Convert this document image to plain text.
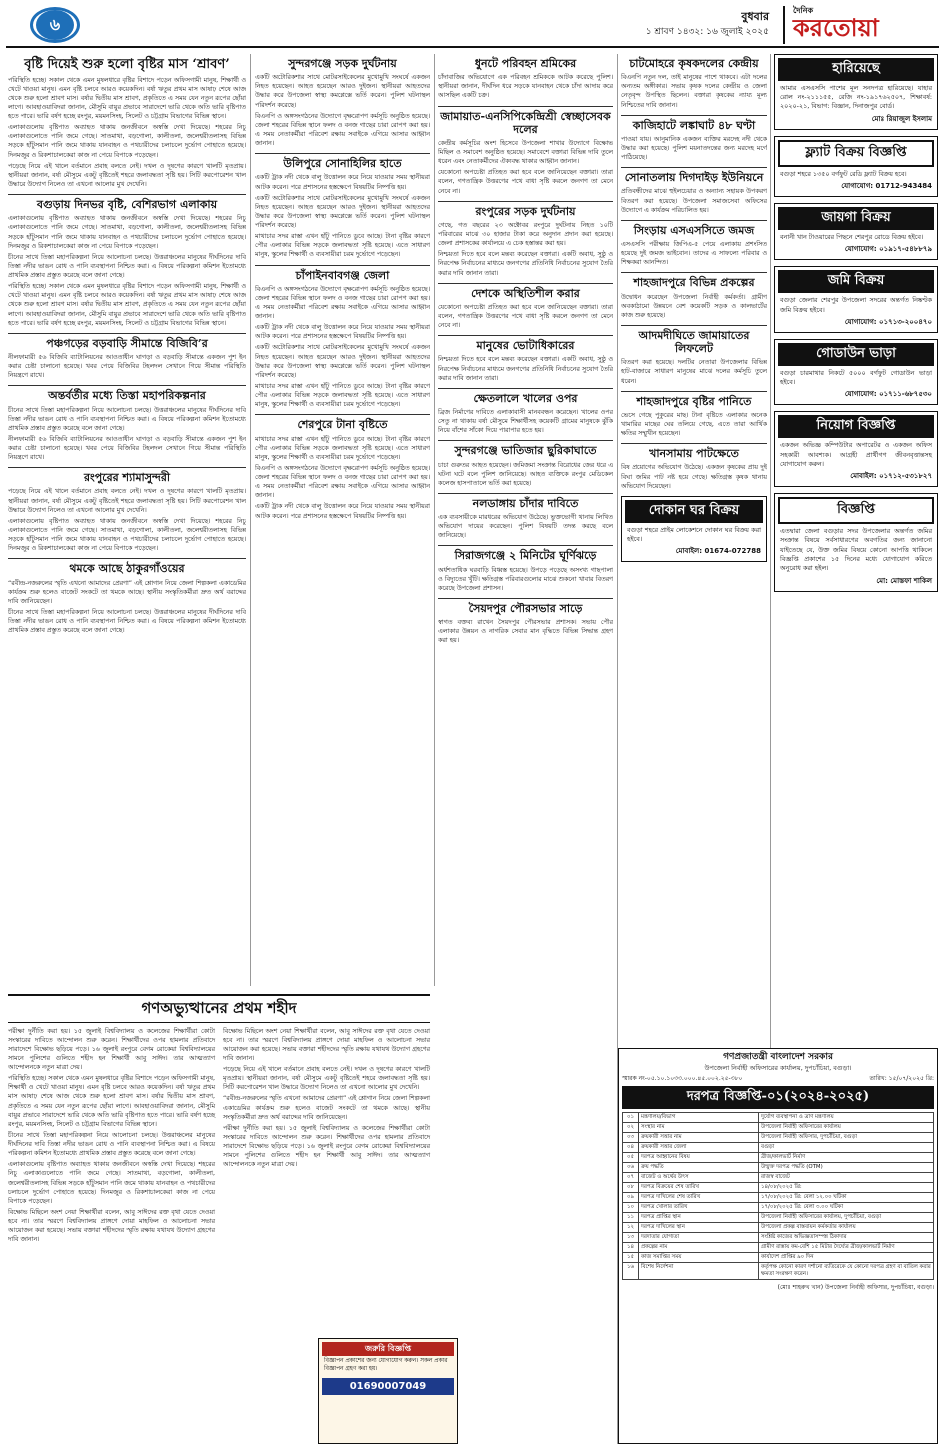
৬	বুধবার
১ শ্রাবণ ১৪৩২: ১৬ জুলাই ২০২৫
দৈনিক
করতোয়া
বৃষ্টি দিয়েই শুরু হলো বৃষ্টির মাস ‘শ্রাবণ’

পরিস্থিতি হচ্ছে। সকাল থেকে এমন মুষলধারে বৃষ্টির বিশাদে পড়েন অফিসগামী মানুষ, শিক্ষার্থী ও খেটে খাওয়া মানুষ। এমন বৃষ্টি চলবে আরও কয়েকদিন। বর্ষা ঋতুর প্রথম মাস আষাঢ় শেষে আজ থেকে শুরু হলো শ্রাবণ মাস। বর্ষার দ্বিতীয় মাস শ্রাবণ, প্রকৃতিতে এ সময় যেন নতুন রূপের ছোঁয়া লাগে। আবহাওয়াবিদরা জানান, মৌসুমি বায়ুর প্রভাবে সারাদেশে ভারি থেকে অতি ভারি বৃষ্টিপাত হতে পারে। ভারি বর্ষণ হচ্ছে রংপুর, ময়মনসিংহ, সিলেট ও চট্টগ্রাম বিভাগের বিভিন্ন স্থানে।

এলাকাগুলোয় বৃষ্টিপাত অব্যাহত থাকায় জনজীবনে অস্বস্তি দেখা দিয়েছে। শহরের নিচু এলাকাগুলোতে পানি জমে গেছে। সাতমাথা, বড়গোলা, কালীতলা, জলেশ্বরীতলাসহ বিভিন্ন সড়কে হাঁটুসমান পানি জমে থাকায় যানবাহন ও পথচারীদের চলাচলে দুর্ভোগ পোহাতে হয়েছে। দিনমজুর ও রিকশাচালকেরা কাজ না পেয়ে বিপাকে পড়েছেন।

পড়েছে নিয়ে এই খালে বর্তমানে প্রবাহ বলতে নেই। দখল ও দূষণের কারণে খালটি মৃতপ্রায়। স্থানীয়রা জানান, বর্ষা মৌসুমে একটু বৃষ্টিতেই শহরে জলাবদ্ধতা সৃষ্টি হয়। সিটি করপোরেশন খাল উদ্ধারে উদ্যোগ নিলেও তা এখনো আলোর মুখ দেখেনি।

বগুড়ায় দিনভর বৃষ্টি, বেশিরভাগ এলাকায়

এলাকাগুলোয় বৃষ্টিপাত অব্যাহত থাকায় জনজীবনে অস্বস্তি দেখা দিয়েছে। শহরের নিচু এলাকাগুলোতে পানি জমে গেছে। সাতমাথা, বড়গোলা, কালীতলা, জলেশ্বরীতলাসহ বিভিন্ন সড়কে হাঁটুসমান পানি জমে থাকায় যানবাহন ও পথচারীদের চলাচলে দুর্ভোগ পোহাতে হয়েছে। দিনমজুর ও রিকশাচালকেরা কাজ না পেয়ে বিপাকে পড়েছেন।

চীনের সাথে তিস্তা মহাপরিকল্পনা নিয়ে আলোচনা চলছে। উত্তরাঞ্চলের মানুষের দীর্ঘদিনের দাবি তিস্তা নদীর ভাঙন রোধ ও পানি ব্যবস্থাপনা নিশ্চিত করা। এ বিষয়ে পরিকল্পনা কমিশন ইতোমধ্যে প্রাথমিক প্রস্তাব প্রস্তুত করেছে বলে জানা গেছে।

পরিস্থিতি হচ্ছে। সকাল থেকে এমন মুষলধারে বৃষ্টির বিশাদে পড়েন অফিসগামী মানুষ, শিক্ষার্থী ও খেটে খাওয়া মানুষ। এমন বৃষ্টি চলবে আরও কয়েকদিন। বর্ষা ঋতুর প্রথম মাস আষাঢ় শেষে আজ থেকে শুরু হলো শ্রাবণ মাস। বর্ষার দ্বিতীয় মাস শ্রাবণ, প্রকৃতিতে এ সময় যেন নতুন রূপের ছোঁয়া লাগে। আবহাওয়াবিদরা জানান, মৌসুমি বায়ুর প্রভাবে সারাদেশে ভারি থেকে অতি ভারি বৃষ্টিপাত হতে পারে। ভারি বর্ষণ হচ্ছে রংপুর, ময়মনসিংহ, সিলেট ও চট্টগ্রাম বিভাগের বিভিন্ন স্থানে।

পঞ্চগড়ের বড়বাড়ি সীমান্তে বিজিবি’র

নীলফামারী ৫৬ বিজিবি ব্যাটালিয়নের আওতাধীন ঘাগড়া ও বড়বাড়ি সীমান্তে একজন পুশ ইন করার চেষ্টা চালানো হয়েছে। খবর পেয়ে বিজিবির টহলদল সেখানে গিয়ে সীমান্ত পরিস্থিতি নিয়ন্ত্রণে রাখে।

অন্তর্বর্তীর মধ্যে তিস্তা মহাপরিকল্পনার

চীনের সাথে তিস্তা মহাপরিকল্পনা নিয়ে আলোচনা চলছে। উত্তরাঞ্চলের মানুষের দীর্ঘদিনের দাবি তিস্তা নদীর ভাঙন রোধ ও পানি ব্যবস্থাপনা নিশ্চিত করা। এ বিষয়ে পরিকল্পনা কমিশন ইতোমধ্যে প্রাথমিক প্রস্তাব প্রস্তুত করেছে বলে জানা গেছে।

নীলফামারী ৫৬ বিজিবি ব্যাটালিয়নের আওতাধীন ঘাগড়া ও বড়বাড়ি সীমান্তে একজন পুশ ইন করার চেষ্টা চালানো হয়েছে। খবর পেয়ে বিজিবির টহলদল সেখানে গিয়ে সীমান্ত পরিস্থিতি নিয়ন্ত্রণে রাখে।

রংপুরের শ্যামাসুন্দরী

পড়েছে নিয়ে এই খালে বর্তমানে প্রবাহ বলতে নেই। দখল ও দূষণের কারণে খালটি মৃতপ্রায়। স্থানীয়রা জানান, বর্ষা মৌসুমে একটু বৃষ্টিতেই শহরে জলাবদ্ধতা সৃষ্টি হয়। সিটি করপোরেশন খাল উদ্ধারে উদ্যোগ নিলেও তা এখনো আলোর মুখ দেখেনি।

এলাকাগুলোয় বৃষ্টিপাত অব্যাহত থাকায় জনজীবনে অস্বস্তি দেখা দিয়েছে। শহরের নিচু এলাকাগুলোতে পানি জমে গেছে। সাতমাথা, বড়গোলা, কালীতলা, জলেশ্বরীতলাসহ বিভিন্ন সড়কে হাঁটুসমান পানি জমে থাকায় যানবাহন ও পথচারীদের চলাচলে দুর্ভোগ পোহাতে হয়েছে। দিনমজুর ও রিকশাচালকেরা কাজ না পেয়ে বিপাকে পড়েছেন।

থমকে আছে ঠাকুরগাঁওয়ের

“রবীন্দ্র-নজরুলের স্মৃতি এখনো আমাদের প্রেরণা” এই শ্লোগান নিয়ে জেলা শিল্পকলা একাডেমির কার্যক্রম শুরু হলেও বাজেট সংকটে তা থমকে আছে। স্থানীয় সংস্কৃতিকর্মীরা দ্রুত অর্থ বরাদ্দের দাবি জানিয়েছেন।

চীনের সাথে তিস্তা মহাপরিকল্পনা নিয়ে আলোচনা চলছে। উত্তরাঞ্চলের মানুষের দীর্ঘদিনের দাবি তিস্তা নদীর ভাঙন রোধ ও পানি ব্যবস্থাপনা নিশ্চিত করা। এ বিষয়ে পরিকল্পনা কমিশন ইতোমধ্যে প্রাথমিক প্রস্তাব প্রস্তুত করেছে বলে জানা গেছে।

সুন্দরগঞ্জে সড়ক দুর্ঘটনায়

একটি অটোরিকশার সাথে মোটরসাইকেলের মুখোমুখি সংঘর্ষে একজন নিহত হয়েছেন। আহত হয়েছেন আরও দুইজন। স্থানীয়রা আহতদের উদ্ধার করে উপজেলা স্বাস্থ্য কমপ্লেক্সে ভর্তি করেন। পুলিশ ঘটনাস্থল পরিদর্শন করেছে।

বিএনপি ও অঙ্গসংগঠনের উদ্যোগে বৃক্ষরোপণ কর্মসূচি অনুষ্ঠিত হয়েছে। জেলা শহরের বিভিন্ন স্থানে ফলদ ও বনজ গাছের চারা রোপণ করা হয়। এ সময় নেতাকর্মীরা পরিবেশ রক্ষায় সবাইকে এগিয়ে আসার আহ্বান জানান।

উলিপুরে সোনাহিলির হাতে

একটি ট্রাক নদী থেকে বালু উত্তোলন করে নিয়ে যাওয়ার সময় স্থানীয়রা আটক করেন। পরে প্রশাসনের হস্তক্ষেপে বিষয়টির নিষ্পত্তি হয়।

একটি অটোরিকশার সাথে মোটরসাইকেলের মুখোমুখি সংঘর্ষে একজন নিহত হয়েছেন। আহত হয়েছেন আরও দুইজন। স্থানীয়রা আহতদের উদ্ধার করে উপজেলা স্বাস্থ্য কমপ্লেক্সে ভর্তি করেন। পুলিশ ঘটনাস্থল পরিদর্শন করেছে।

মাথাচার সদর রাস্তা এখন হাঁটু পানিতে ডুবে আছে। টানা বৃষ্টির কারণে পৌর এলাকার বিভিন্ন সড়কে জলাবদ্ধতা সৃষ্টি হয়েছে। এতে সাধারণ মানুষ, স্কুলের শিক্ষার্থী ও ব্যবসায়ীরা চরম দুর্ভোগে পড়েছেন।

চাঁপাইনবাবগঞ্জ জেলা

বিএনপি ও অঙ্গসংগঠনের উদ্যোগে বৃক্ষরোপণ কর্মসূচি অনুষ্ঠিত হয়েছে। জেলা শহরের বিভিন্ন স্থানে ফলদ ও বনজ গাছের চারা রোপণ করা হয়। এ সময় নেতাকর্মীরা পরিবেশ রক্ষায় সবাইকে এগিয়ে আসার আহ্বান জানান।

একটি ট্রাক নদী থেকে বালু উত্তোলন করে নিয়ে যাওয়ার সময় স্থানীয়রা আটক করেন। পরে প্রশাসনের হস্তক্ষেপে বিষয়টির নিষ্পত্তি হয়।

একটি অটোরিকশার সাথে মোটরসাইকেলের মুখোমুখি সংঘর্ষে একজন নিহত হয়েছেন। আহত হয়েছেন আরও দুইজন। স্থানীয়রা আহতদের উদ্ধার করে উপজেলা স্বাস্থ্য কমপ্লেক্সে ভর্তি করেন। পুলিশ ঘটনাস্থল পরিদর্শন করেছে।

মাথাচার সদর রাস্তা এখন হাঁটু পানিতে ডুবে আছে। টানা বৃষ্টির কারণে পৌর এলাকার বিভিন্ন সড়কে জলাবদ্ধতা সৃষ্টি হয়েছে। এতে সাধারণ মানুষ, স্কুলের শিক্ষার্থী ও ব্যবসায়ীরা চরম দুর্ভোগে পড়েছেন।

শেরপুরে টানা বৃষ্টিতে

মাথাচার সদর রাস্তা এখন হাঁটু পানিতে ডুবে আছে। টানা বৃষ্টির কারণে পৌর এলাকার বিভিন্ন সড়কে জলাবদ্ধতা সৃষ্টি হয়েছে। এতে সাধারণ মানুষ, স্কুলের শিক্ষার্থী ও ব্যবসায়ীরা চরম দুর্ভোগে পড়েছেন।

বিএনপি ও অঙ্গসংগঠনের উদ্যোগে বৃক্ষরোপণ কর্মসূচি অনুষ্ঠিত হয়েছে। জেলা শহরের বিভিন্ন স্থানে ফলদ ও বনজ গাছের চারা রোপণ করা হয়। এ সময় নেতাকর্মীরা পরিবেশ রক্ষায় সবাইকে এগিয়ে আসার আহ্বান জানান।

একটি ট্রাক নদী থেকে বালু উত্তোলন করে নিয়ে যাওয়ার সময় স্থানীয়রা আটক করেন। পরে প্রশাসনের হস্তক্ষেপে বিষয়টির নিষ্পত্তি হয়।

ধুনটে পরিবহন শ্রমিকের

চাঁদাবাজির অভিযোগে এক পরিবহন শ্রমিককে আটক করেছে পুলিশ। স্থানীয়রা জানান, দীর্ঘদিন ধরে সড়কে যানবাহন থেকে চাঁদা আদায় করে আসছিল একটি চক্র।

জামায়াত-এনসিপিকেন্দ্রিশ্রী স্বেচ্ছাসেবক দলের

কেন্দ্রীয় কর্মসূচির অংশ হিসেবে উপজেলা শাখার উদ্যোগে বিক্ষোভ মিছিল ও সমাবেশ অনুষ্ঠিত হয়েছে। সমাবেশে বক্তারা বিভিন্ন দাবি তুলে ধরেন এবং নেতাকর্মীদের ঐক্যবদ্ধ থাকার আহ্বান জানান।

যেকোনো অপচেষ্টা প্রতিহত করা হবে বলে জানিয়েছেন বক্তারা। তারা বলেন, গণতান্ত্রিক উত্তরণের পথে বাধা সৃষ্টি করলে জনগণ তা মেনে নেবে না।

রংপুরের সড়ক দুর্ঘটনায়

গেছে, গত বছরের ২৩ অক্টোবর রংপুরে দুর্ঘটনায় নিহত ১০টি পরিবারের মাঝে ৩০ হাজার টাকা করে অনুদান প্রদান করা হয়েছে। জেলা প্রশাসকের কার্যালয়ে এ চেক হস্তান্তর করা হয়।

নিশ্চয়তা দিতে হবে বলে মন্তব্য করেছেন বক্তারা। একটি অবাধ, সুষ্ঠু ও নিরপেক্ষ নির্বাচনের মাধ্যমে জনগণের প্রতিনিধি নির্বাচনের সুযোগ তৈরি করার দাবি জানান তারা।

দেশকে অস্থিতিশীল করার

যেকোনো অপচেষ্টা প্রতিহত করা হবে বলে জানিয়েছেন বক্তারা। তারা বলেন, গণতান্ত্রিক উত্তরণের পথে বাধা সৃষ্টি করলে জনগণ তা মেনে নেবে না।

মানুষের ভোটাধিকারের

নিশ্চয়তা দিতে হবে বলে মন্তব্য করেছেন বক্তারা। একটি অবাধ, সুষ্ঠু ও নিরপেক্ষ নির্বাচনের মাধ্যমে জনগণের প্রতিনিধি নির্বাচনের সুযোগ তৈরি করার দাবি জানান তারা।

ক্ষেতলালে খালের ওপর

ব্রিজ নির্মাণের দাবিতে এলাকাবাসী মানববন্ধন করেছেন। খালের ওপর সেতু না থাকায় বর্ষা মৌসুমে শিক্ষার্থীসহ কয়েকটি গ্রামের মানুষকে ঝুঁকি নিয়ে বাঁশের সাঁকো দিয়ে পারাপার হতে হয়।

সুন্দরগঞ্জে ভাতিজার ছুরিকাঘাতে

চাচা গুরুতর আহত হয়েছেন। জমিজমা সংক্রান্ত বিরোধের জের ধরে এ ঘটনা ঘটে বলে পুলিশ জানিয়েছে। আহত ব্যক্তিকে রংপুর মেডিকেল কলেজ হাসপাতালে ভর্তি করা হয়েছে।

নলডাঙ্গায় চাঁদার দাবিতে

এক ব্যবসায়ীকে মারধরের অভিযোগ উঠেছে। ভুক্তভোগী থানায় লিখিত অভিযোগ দায়ের করেছেন। পুলিশ বিষয়টি তদন্ত করছে বলে জানিয়েছে।

সিরাজগঞ্জে ২ মিনিটের ঘূর্ণিঝড়ে

অর্ধশতাধিক ঘরবাড়ি বিধ্বস্ত হয়েছে। উপড়ে পড়েছে অসংখ্য গাছপালা ও বিদ্যুতের খুঁটি। ক্ষতিগ্রস্ত পরিবারগুলোর মাঝে শুকনো খাবার বিতরণ করেছে উপজেলা প্রশাসন।

সৈয়দপুর পৌরসভার সাড়ে

স্বাগত বক্তব্য রাখেন সৈয়দপুর পৌরসভার প্রশাসক। সভায় পৌর এলাকার উন্নয়ন ও নাগরিক সেবার মান বৃদ্ধিতে বিভিন্ন সিদ্ধান্ত গ্রহণ করা হয়।

চাটমোহরে কৃষকদলের কেন্দ্রীয়

বিএনপি নতুন দল, তাই মানুষের পাশে থাকবে। এটা দলের অন্যতম অঙ্গীকার। সভায় কৃষক দলের কেন্দ্রীয় ও জেলা নেতৃবৃন্দ উপস্থিত ছিলেন। বক্তারা কৃষকের ন্যায্য মূল্য নিশ্চিতের দাবি জানান।

কাজিহাটে লঙ্কাঘাট ৪৮ ঘণ্টা

পাওয়া যায়। আনুমানিক একজন ব্যক্তির মরদেহ নদী থেকে উদ্ধার করা হয়েছে। পুলিশ ময়নাতদন্তের জন্য মরদেহ মর্গে পাঠিয়েছে।

সোনাতলায় দিগদাইড় ইউনিয়নে

প্রতিবন্ধীদের মাঝে হুইলচেয়ার ও অন্যান্য সহায়ক উপকরণ বিতরণ করা হয়েছে। উপজেলা সমাজসেবা অফিসের উদ্যোগে এ কার্যক্রম পরিচালিত হয়।

সিংড়ায় এসএসসিতে জমজ

এসএসসি পরীক্ষায় জিপিএ-৫ পেয়ে এলাকায় প্রশংসিত হয়েছে দুই জমজ ভাইবোন। তাদের এ সাফল্যে পরিবার ও শিক্ষকরা আনন্দিত।

শাহজাদপুরে বিভিন্ন প্রকল্পের

উদ্বোধন করেছেন উপজেলা নির্বাহী কর্মকর্তা। গ্রামীণ অবকাঠামো উন্নয়নে বেশ কয়েকটি সড়ক ও কালভার্টের কাজ শুরু হয়েছে।

আদমদীঘিতে জামায়াতের লিফলেট

বিতরণ করা হয়েছে। দলটির নেতারা উপজেলার বিভিন্ন হাট-বাজারে সাধারণ মানুষের মাঝে দলের কর্মসূচি তুলে ধরেন।

শাহজাদপুরে বৃষ্টির পানিতে

ভেসে গেছে পুকুরের মাছ। টানা বৃষ্টিতে এলাকার অনেক খামারির মাছের ঘের তলিয়ে গেছে, এতে তারা আর্থিক ক্ষতির সম্মুখীন হয়েছেন।

খানসামায় পাটক্ষেতে

বিষ প্রয়োগের অভিযোগ উঠেছে। একজন কৃষকের প্রায় দুই বিঘা জমির পাট নষ্ট হয়ে গেছে। ক্ষতিগ্রস্ত কৃষক থানায় অভিযোগ দিয়েছেন।

দোকান ঘর বিক্রয়
বগুড়া শহরে প্রাইম লোকেশনে দোকান ঘর বিক্রয় করা হইবে।
মোবাইল: 01674-072788
হারিয়েছে
আমার এসএসসি পাশের মূল সনদপত্র হারিয়েছে। যাহার রোল নং-২১১১৫৫, রেজি নং-১৯১৭৬২৫০৭, শিক্ষাবর্ষ: ২০২০-২১, বিভাগ: বিজ্ঞান, দিনাজপুর বোর্ড।
মোঃ রিয়াজুল ইসলাম
ফ্ল্যাট বিক্রয় বিজ্ঞপ্তি
বগুড়া শহরে ১৩৫০ বর্গফুট রেডি ফ্ল্যাট বিক্রয় হবে।
যোগাযোগ: 01712-943484
জায়গা বিক্রয়
বনানী খান টাওয়ারের পিছনে শেরপুর রোডে বিক্রয় হইবে।
যোগাযোগ: ০১৯১৭-৫৪৮৮৭৯
জমি বিক্রয়
বগুড়া জেলার শেরপুর উপজেলা সদরের অন্তর্গত নিষ্কণ্টক জমি বিক্রয় হইবে।
যোগাযোগ: ০১৭১৩-২০০৪৭০
গোডাউন ভাড়া
বগুড়া চারমাথার নিকটে ৫০০০ বর্গফুট গোডাউন ভাড়া হইবে।
যোগাযোগ: ০১৭১১-৬৮৭৫৩০
নিয়োগ বিজ্ঞপ্তি
একজন অভিজ্ঞ কম্পিউটার অপারেটর ও একজন অফিস সহকারী আবশ্যক। আগ্রহী প্রার্থীগণ জীবনবৃত্তান্তসহ যোগাযোগ করুন।
মোবাইল: ০১৭১২-৫৩১৮২৭
বিজ্ঞপ্তি
এতদ্বারা জেলা বগুড়ার সদর উপজেলার অন্তর্গত জমির সংক্রান্ত বিষয়ে সর্বসাধারণের অবগতির জন্য জানানো যাইতেছে যে, উক্ত জমির বিষয়ে কোনো আপত্তি থাকিলে বিজ্ঞপ্তি প্রকাশের ১৫ দিনের মধ্যে যোগাযোগ করিতে অনুরোধ করা হইল।
মো: মোস্তফা শাকিল
গণঅভ্যুত্থানের প্রথম শহীদ

পরীক্ষা দুর্নীতি করা হয়। ১৫ জুলাই বিশ্ববিদ্যালয় ও কলেজের শিক্ষার্থীরা কোটা সংস্কারের দাবিতে আন্দোলন শুরু করেন। শিক্ষার্থীদের ওপর হামলার প্রতিবাদে সারাদেশে বিক্ষোভ ছড়িয়ে পড়ে। ১৬ জুলাই রংপুরে বেগম রোকেয়া বিশ্ববিদ্যালয়ের সামনে পুলিশের গুলিতে শহীদ হন শিক্ষার্থী আবু সাঈদ। তার আত্মত্যাগ আন্দোলনকে নতুন মাত্রা দেয়।

পরিস্থিতি হচ্ছে। সকাল থেকে এমন মুষলধারে বৃষ্টির বিশাদে পড়েন অফিসগামী মানুষ, শিক্ষার্থী ও খেটে খাওয়া মানুষ। এমন বৃষ্টি চলবে আরও কয়েকদিন। বর্ষা ঋতুর প্রথম মাস আষাঢ় শেষে আজ থেকে শুরু হলো শ্রাবণ মাস। বর্ষার দ্বিতীয় মাস শ্রাবণ, প্রকৃতিতে এ সময় যেন নতুন রূপের ছোঁয়া লাগে। আবহাওয়াবিদরা জানান, মৌসুমি বায়ুর প্রভাবে সারাদেশে ভারি থেকে অতি ভারি বৃষ্টিপাত হতে পারে। ভারি বর্ষণ হচ্ছে রংপুর, ময়মনসিংহ, সিলেট ও চট্টগ্রাম বিভাগের বিভিন্ন স্থানে।

চীনের সাথে তিস্তা মহাপরিকল্পনা নিয়ে আলোচনা চলছে। উত্তরাঞ্চলের মানুষের দীর্ঘদিনের দাবি তিস্তা নদীর ভাঙন রোধ ও পানি ব্যবস্থাপনা নিশ্চিত করা। এ বিষয়ে পরিকল্পনা কমিশন ইতোমধ্যে প্রাথমিক প্রস্তাব প্রস্তুত করেছে বলে জানা গেছে।

এলাকাগুলোয় বৃষ্টিপাত অব্যাহত থাকায় জনজীবনে অস্বস্তি দেখা দিয়েছে। শহরের নিচু এলাকাগুলোতে পানি জমে গেছে। সাতমাথা, বড়গোলা, কালীতলা, জলেশ্বরীতলাসহ বিভিন্ন সড়কে হাঁটুসমান পানি জমে থাকায় যানবাহন ও পথচারীদের চলাচলে দুর্ভোগ পোহাতে হয়েছে। দিনমজুর ও রিকশাচালকেরা কাজ না পেয়ে বিপাকে পড়েছেন।

বিক্ষোভ মিছিলে অংশ নেয়া শিক্ষার্থীরা বলেন, আবু সাঈদের রক্ত বৃথা যেতে দেওয়া হবে না। তার স্মরণে বিশ্ববিদ্যালয় প্রাঙ্গণে দোয়া মাহফিল ও আলোচনা সভার আয়োজন করা হয়েছে। সভায় বক্তারা শহীদদের স্মৃতি রক্ষায় যথাযথ উদ্যোগ গ্রহণের দাবি জানান।

বিক্ষোভ মিছিলে অংশ নেয়া শিক্ষার্থীরা বলেন, আবু সাঈদের রক্ত বৃথা যেতে দেওয়া হবে না। তার স্মরণে বিশ্ববিদ্যালয় প্রাঙ্গণে দোয়া মাহফিল ও আলোচনা সভার আয়োজন করা হয়েছে। সভায় বক্তারা শহীদদের স্মৃতি রক্ষায় যথাযথ উদ্যোগ গ্রহণের দাবি জানান।

পড়েছে নিয়ে এই খালে বর্তমানে প্রবাহ বলতে নেই। দখল ও দূষণের কারণে খালটি মৃতপ্রায়। স্থানীয়রা জানান, বর্ষা মৌসুমে একটু বৃষ্টিতেই শহরে জলাবদ্ধতা সৃষ্টি হয়। সিটি করপোরেশন খাল উদ্ধারে উদ্যোগ নিলেও তা এখনো আলোর মুখ দেখেনি।

“রবীন্দ্র-নজরুলের স্মৃতি এখনো আমাদের প্রেরণা” এই শ্লোগান নিয়ে জেলা শিল্পকলা একাডেমির কার্যক্রম শুরু হলেও বাজেট সংকটে তা থমকে আছে। স্থানীয় সংস্কৃতিকর্মীরা দ্রুত অর্থ বরাদ্দের দাবি জানিয়েছেন।

পরীক্ষা দুর্নীতি করা হয়। ১৫ জুলাই বিশ্ববিদ্যালয় ও কলেজের শিক্ষার্থীরা কোটা সংস্কারের দাবিতে আন্দোলন শুরু করেন। শিক্ষার্থীদের ওপর হামলার প্রতিবাদে সারাদেশে বিক্ষোভ ছড়িয়ে পড়ে। ১৬ জুলাই রংপুরে বেগম রোকেয়া বিশ্ববিদ্যালয়ের সামনে পুলিশের গুলিতে শহীদ হন শিক্ষার্থী আবু সাঈদ। তার আত্মত্যাগ আন্দোলনকে নতুন মাত্রা দেয়।

জরুরি বিজ্ঞপ্তি
বিজ্ঞাপন প্রকাশের জন্য যোগাযোগ করুন। সকল প্রকার বিজ্ঞাপন গ্রহণ করা হয়।
01690007049
গণপ্রজাতন্ত্রী বাংলাদেশ সরকার
উপজেলা নির্বাহী অফিসারের কার্যালয়, দুপচাঁচিয়া, বগুড়া।
স্মারক নং-০৫.১০.১০৩৩.০০০.৪৫.০০২.২৫-৩৮০	তারিখ: ১৫/০৭/২০২৫ খ্রি:
দরপত্র বিজ্ঞপ্তি-০১(২০২৪-২০২৫)
০১	মন্ত্রণালয়/বিভাগ	দুর্যোগ ব্যবস্থাপনা ও ত্রাণ মন্ত্রণালয়
০২	সংস্থার নাম	উপজেলা নির্বাহী অফিসারের কার্যালয়
০৩	ক্রয়কারী সত্তার নাম	উপজেলা নির্বাহী অফিসার, দুপচাঁচিয়া, বগুড়া
০৪	ক্রয়কারী সত্তার জেলা	বগুড়া
০৫	দরপত্র আহ্বানের বিষয়	ব্রীজ/কালভার্ট নির্মাণ
০৬	ক্রয় পদ্ধতি	উন্মুক্ত দরপত্র পদ্ধতি (OTM)
০৭	বাজেট ও অর্থের উৎস	রাজস্ব বাজেট
০৮	দরপত্র বিক্রয়ের শেষ তারিখ	১৪/০৮/২০২৫ খ্রি:
০৯	দরপত্র দাখিলের শেষ তারিখ	১৭/০৮/২০২৫ খ্রি: বেলা ১২.০০ ঘটিকা
১০	দরপত্র খোলার তারিখ	১৭/০৮/২০২৫ খ্রি: বেলা ৩.০০ ঘটিকা
১১	দরপত্র প্রাপ্তির স্থান	উপজেলা নির্বাহী অফিসারের কার্যালয়, দুপচাঁচিয়া, বগুড়া
১২	দরপত্র দাখিলের স্থান	উপজেলা প্রকল্প বাস্তবায়ন কর্মকর্তার কার্যালয়
১৩	দরদাতার যোগ্যতা	সংশ্লিষ্ট কাজের অভিজ্ঞতাসম্পন্ন ঠিকাদার
১৪	প্রকল্পের নাম	গ্রামীণ রাস্তায় কম-বেশি ১৫ মিটার দৈর্ঘ্যের ব্রীজ/কালভার্ট নির্মাণ
১৫	কাজ সমাপ্তির সময়	কার্যাদেশ প্রাপ্তির ৯০ দিন
১৬	বিশেষ নির্দেশনা	কর্তৃপক্ষ কোনো কারণ দর্শানো ব্যতিরেকে যে কোনো দরপত্র গ্রহণ বা বাতিল করার ক্ষমতা সংরক্ষণ করেন।
(মোঃ শাহরুখ খান) উপজেলা নির্বাহী অফিসার, দুপচাঁচিয়া, বগুড়া।
